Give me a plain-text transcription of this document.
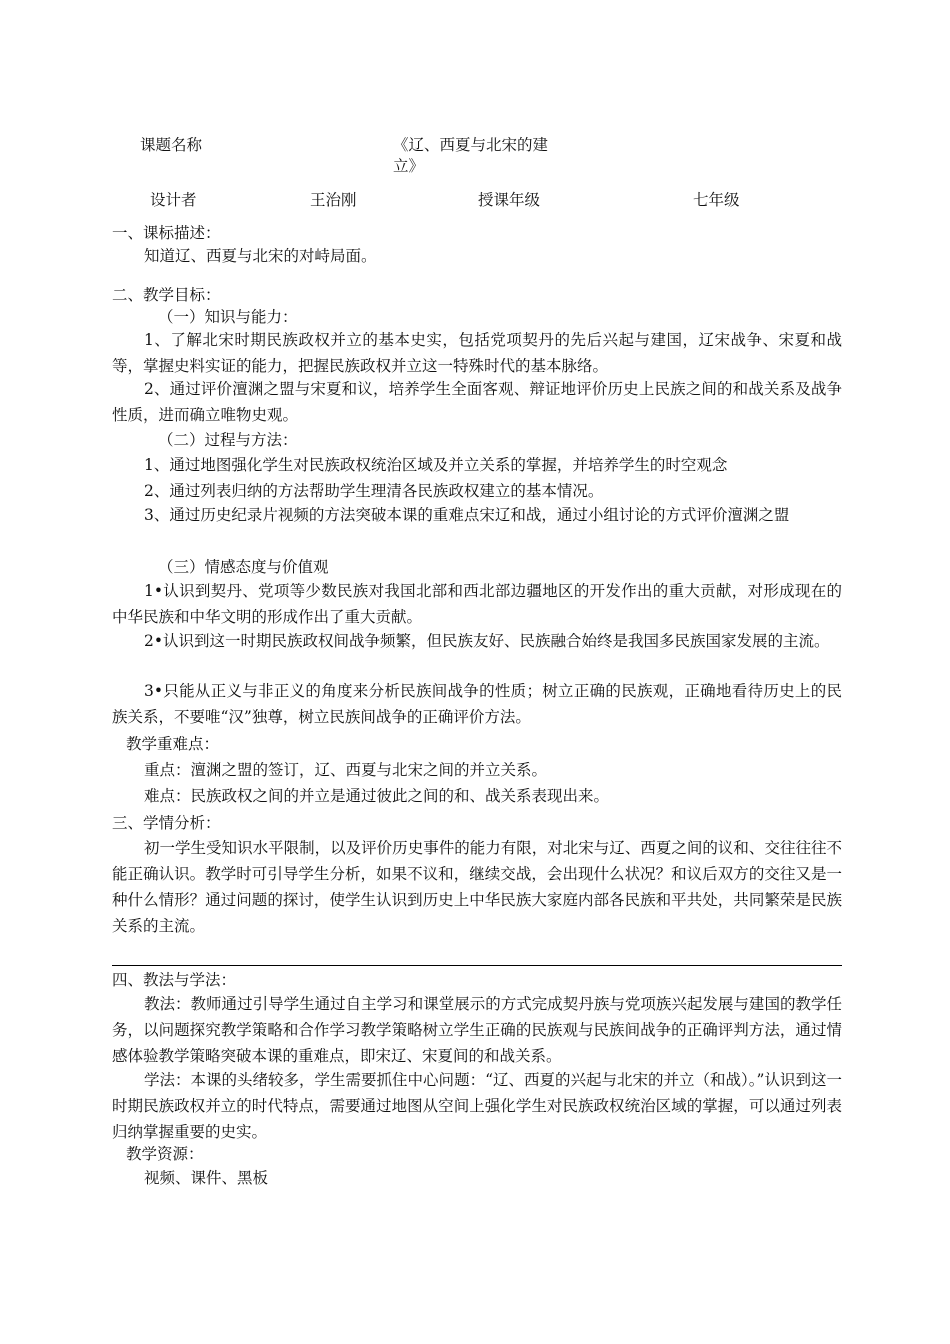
课题名称	《辽、西夏与北宋的建
立》
设计者	王治刚	授课年级	七年级
一、课标描述：
知道辽、西夏与北宋的对峙局面。
二、教学目标：
（一）知识与能力：
1、了解北宋时期民族政权并立的基本史实，包括党项契丹的先后兴起与建国，辽宋战争、宋夏和战等，掌握史料实证的能力，把握民族政权并立这一特殊时代的基本脉络。
2、通过评价澶渊之盟与宋夏和议，培养学生全面客观、辩证地评价历史上民族之间的和战关系及战争性质，进而确立唯物史观。
（二）过程与方法：
1、通过地图强化学生对民族政权统治区域及并立关系的掌握，并培养学生的时空观念
2、通过列表归纳的方法帮助学生理清各民族政权建立的基本情况。
3、通过历史纪录片视频的方法突破本课的重难点宋辽和战，通过小组讨论的方式评价澶渊之盟
（三）情感态度与价值观
1•认识到契丹、党项等少数民族对我国北部和西北部边疆地区的开发作出的重大贡献，对形成现在的中华民族和中华文明的形成作出了重大贡献。
2•认识到这一时期民族政权间战争频繁，但民族友好、民族融合始终是我国多民族国家发展的主流。
3•只能从正义与非正义的角度来分析民族间战争的性质；树立正确的民族观，正确地看待历史上的民族关系，不要唯“汉”独尊，树立民族间战争的正确评价方法。
教学重难点：
重点：澶渊之盟的签订，辽、西夏与北宋之间的并立关系。
难点：民族政权之间的并立是通过彼此之间的和、战关系表现出来。
三、学情分析：
初一学生受知识水平限制，以及评价历史事件的能力有限，对北宋与辽、西夏之间的议和、交往往往不能正确认识。教学时可引导学生分析，如果不议和，继续交战，会出现什么状况？和议后双方的交往又是一种什么情形？通过问题的探讨，使学生认识到历史上中华民族大家庭内部各民族和平共处，共同繁荣是民族关系的主流。
四、教法与学法：
教法：教师通过引导学生通过自主学习和课堂展示的方式完成契丹族与党项族兴起发展与建国的教学任务，以问题探究教学策略和合作学习教学策略树立学生正确的民族观与民族间战争的正确评判方法，通过情感体验教学策略突破本课的重难点，即宋辽、宋夏间的和战关系。
学法：本课的头绪较多，学生需要抓住中心问题：“辽、西夏的兴起与北宋的并立（和战）。”认识到这一时期民族政权并立的时代特点，需要通过地图从空间上强化学生对民族政权统治区域的掌握，可以通过列表归纳掌握重要的史实。
教学资源：
视频、课件、黑板
